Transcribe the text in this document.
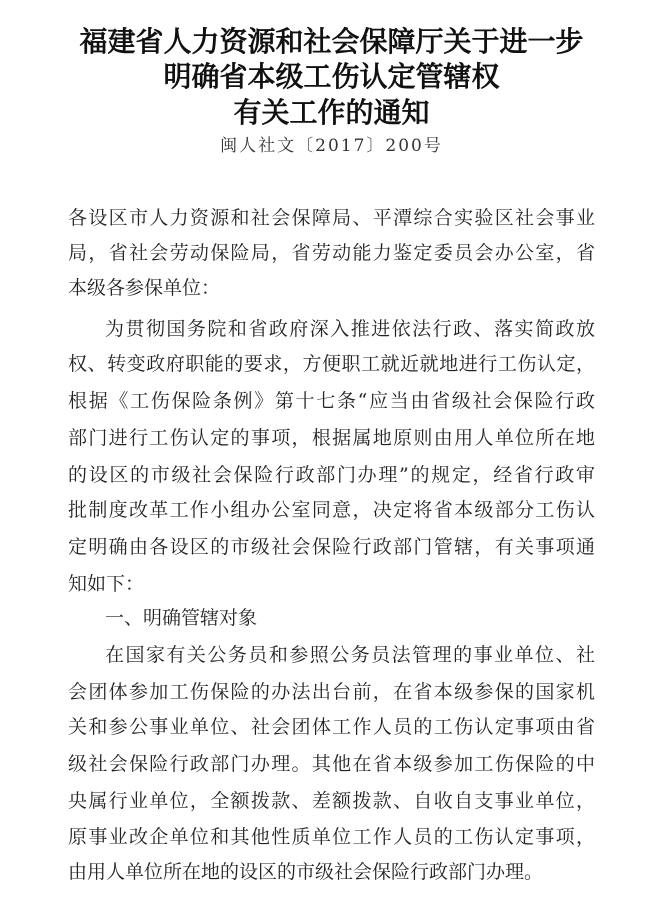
福建省人力资源和社会保障厅关于进一步
明确省本级工伤认定管辖权
有关工作的通知
闽人社文〔2017〕200号
各设区市人力资源和社会保障局、平潭综合实验区社会事业
局，省社会劳动保险局，省劳动能力鉴定委员会办公室，省
本级各参保单位：
为贯彻国务院和省政府深入推进依法行政、落实简政放
权、转变政府职能的要求，方便职工就近就地进行工伤认定，
根据《工伤保险条例》第十七条“应当由省级社会保险行政
部门进行工伤认定的事项，根据属地原则由用人单位所在地
的设区的市级社会保险行政部门办理”的规定，经省行政审
批制度改革工作小组办公室同意，决定将省本级部分工伤认
定明确由各设区的市级社会保险行政部门管辖，有关事项通
知如下：
一、明确管辖对象
在国家有关公务员和参照公务员法管理的事业单位、社
会团体参加工伤保险的办法出台前，在省本级参保的国家机
关和参公事业单位、社会团体工作人员的工伤认定事项由省
级社会保险行政部门办理。其他在省本级参加工伤保险的中
央属行业单位，全额拨款、差额拨款、自收自支事业单位，
原事业改企单位和其他性质单位工作人员的工伤认定事项，
由用人单位所在地的设区的市级社会保险行政部门办理。
